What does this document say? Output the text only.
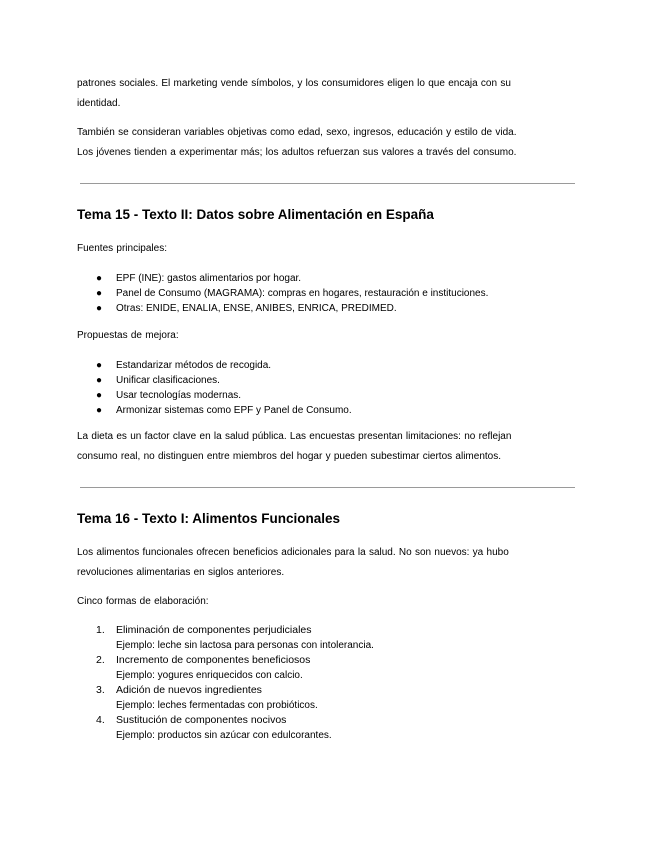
patrones sociales. El marketing vende símbolos, y los consumidores eligen lo que encaja con su
identidad.

También se consideran variables objetivas como edad, sexo, ingresos, educación y estilo de vida.
Los jóvenes tienden a experimentar más; los adultos refuerzan sus valores a través del consumo.

Tema 15 - Texto II: Datos sobre Alimentación en España

Fuentes principales:

● EPF (INE): gastos alimentarios por hogar.
● Panel de Consumo (MAGRAMA): compras en hogares, restauración e instituciones.
● Otras: ENIDE, ENALIA, ENSE, ANIBES, ENRICA, PREDIMED.

Propuestas de mejora:

● Estandarizar métodos de recogida.
● Unificar clasificaciones.
● Usar tecnologías modernas.
● Armonizar sistemas como EPF y Panel de Consumo.

La dieta es un factor clave en la salud pública. Las encuestas presentan limitaciones: no reflejan
consumo real, no distinguen entre miembros del hogar y pueden subestimar ciertos alimentos.

Tema 16 - Texto I: Alimentos Funcionales

Los alimentos funcionales ofrecen beneficios adicionales para la salud. No son nuevos: ya hubo
revoluciones alimentarias en siglos anteriores.

Cinco formas de elaboración:

1. Eliminación de componentes perjudiciales
Ejemplo: leche sin lactosa para personas con intolerancia.
2. Incremento de componentes beneficiosos
Ejemplo: yogures enriquecidos con calcio.
3. Adición de nuevos ingredientes
Ejemplo: leches fermentadas con probióticos.
4. Sustitución de componentes nocivos
Ejemplo: productos sin azúcar con edulcorantes.
